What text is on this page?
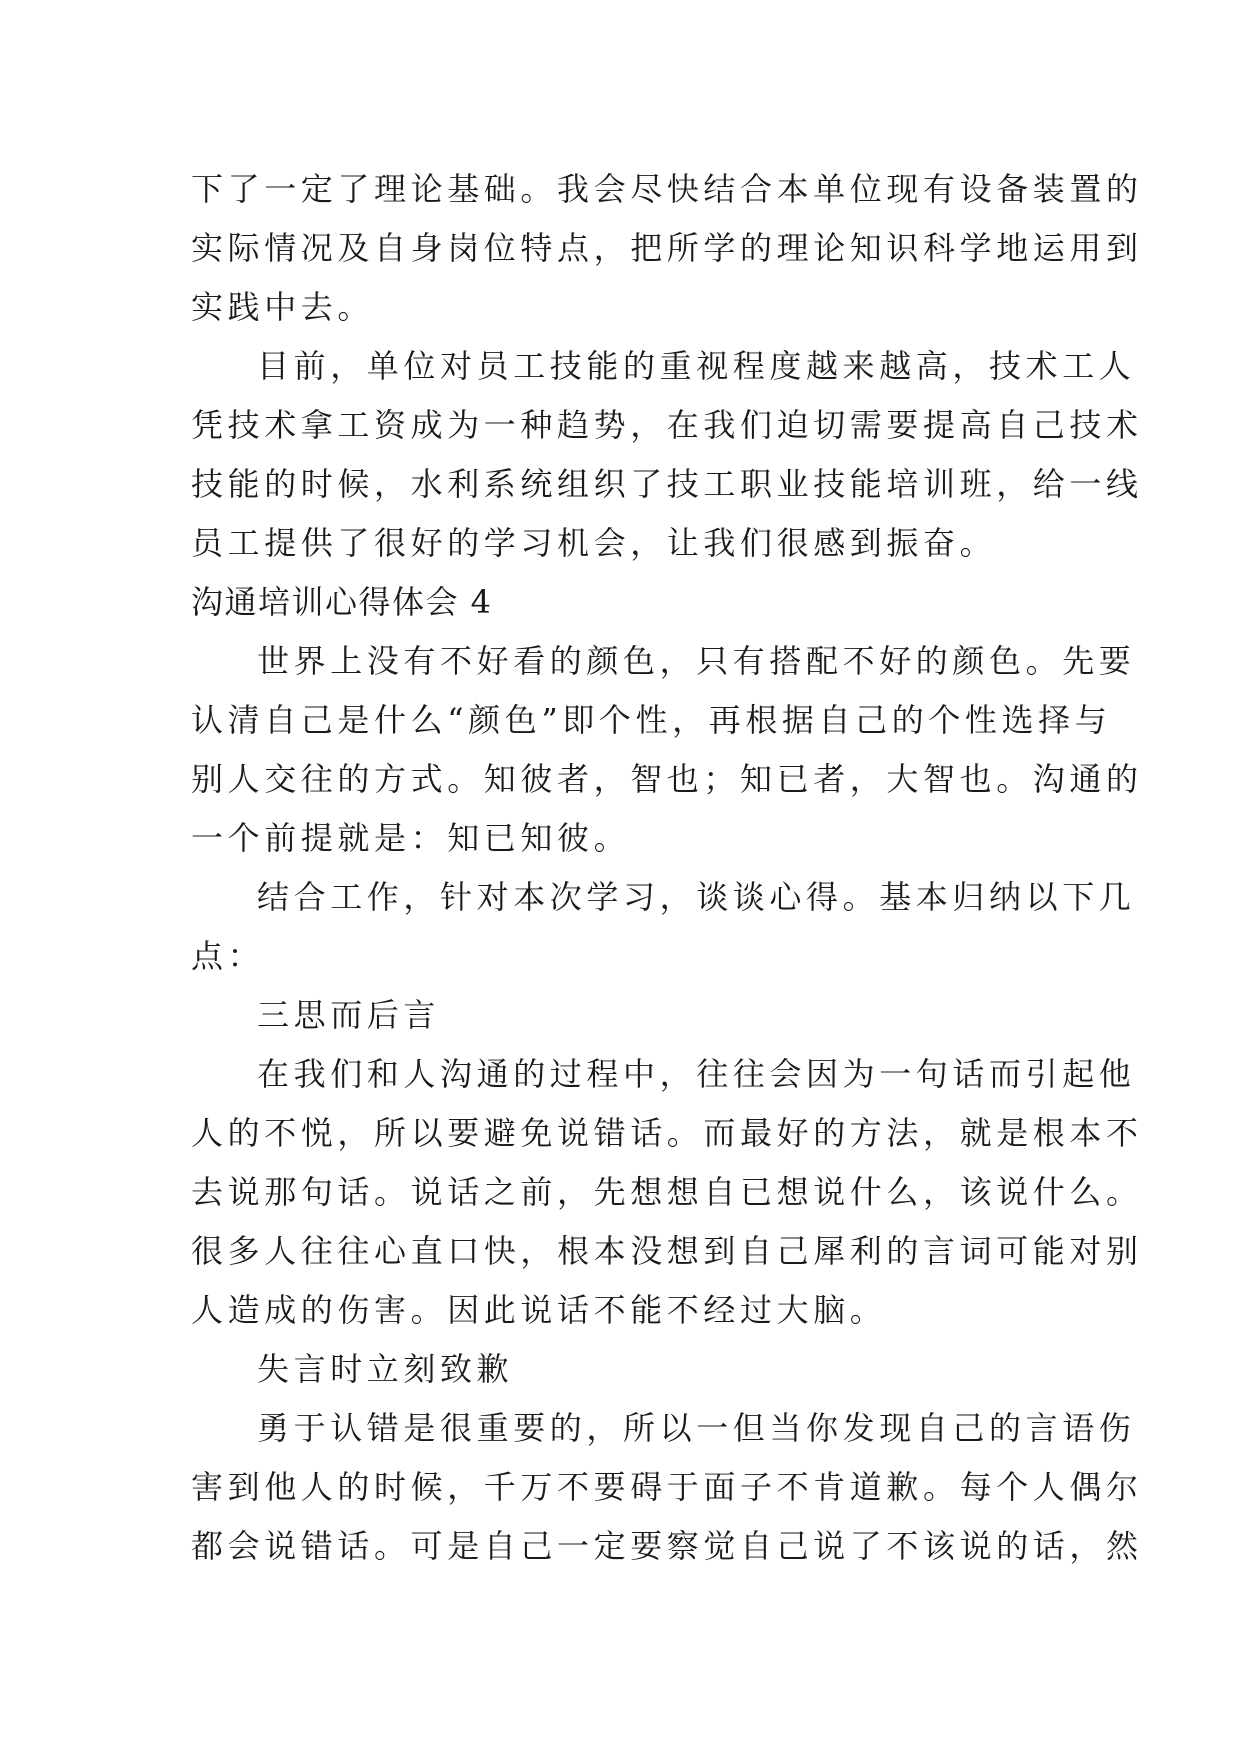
下了一定了理论基础。我会尽快结合本单位现有设备装置的
实际情况及自身岗位特点，把所学的理论知识科学地运用到
实践中去。
目前，单位对员工技能的重视程度越来越高，技术工人
凭技术拿工资成为一种趋势，在我们迫切需要提高自己技术
技能的时候，水利系统组织了技工职业技能培训班，给一线
员工提供了很好的学习机会，让我们很感到振奋。
沟通培训心得体会 4
世界上没有不好看的颜色，只有搭配不好的颜色。先要
认清自己是什么“颜色”即个性，再根据自己的个性选择与
别人交往的方式。知彼者，智也；知已者，大智也。沟通的
一个前提就是：知已知彼。
结合工作，针对本次学习，谈谈心得。基本归纳以下几
点：
三思而后言
在我们和人沟通的过程中，往往会因为一句话而引起他
人的不悦，所以要避免说错话。而最好的方法，就是根本不
去说那句话。说话之前，先想想自已想说什么，该说什么。
很多人往往心直口快，根本没想到自己犀利的言词可能对别
人造成的伤害。因此说话不能不经过大脑。
失言时立刻致歉
勇于认错是很重要的，所以一但当你发现自己的言语伤
害到他人的时候，千万不要碍于面子不肯道歉。每个人偶尔
都会说错话。可是自己一定要察觉自己说了不该说的话，然
